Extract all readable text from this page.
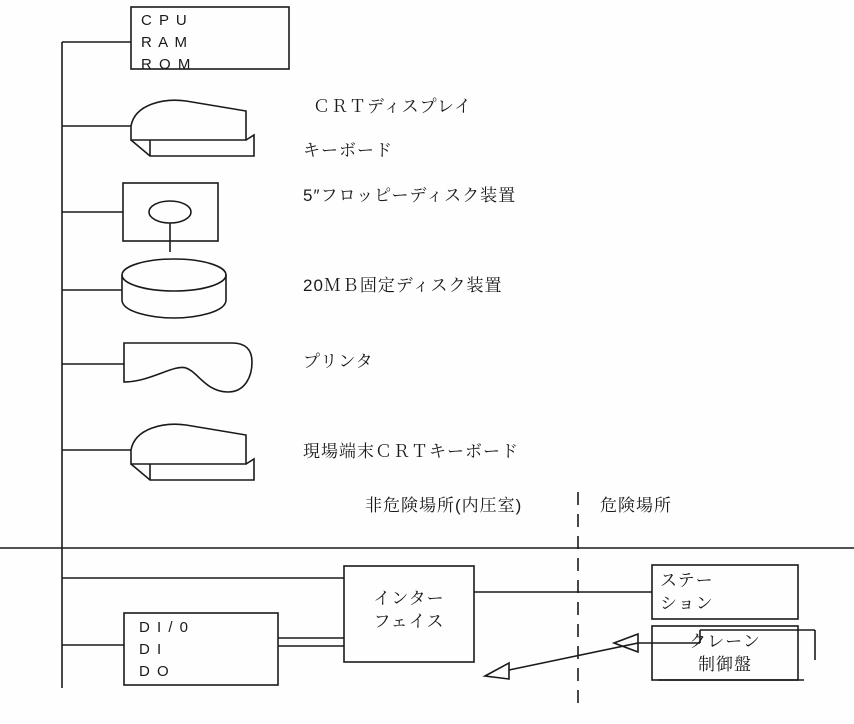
C P U
R A M
R O M
ＣＲＴディスプレイ
キーボード
5″フロッピーディスク装置
20ＭＢ固定ディスク装置
プリンタ
現場端末ＣＲＴキーボード
非危険場所(内圧室)	危険場所
D I / 0
D I
D O
インター
フェイス
ステー
ション
クレーン
制御盤
